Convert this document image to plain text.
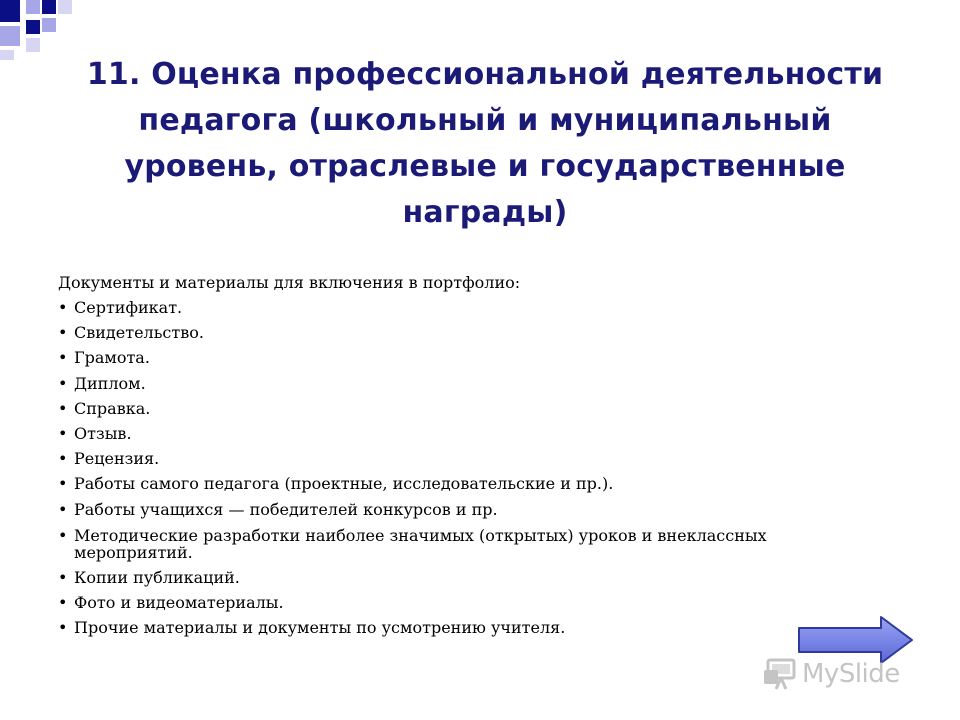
11. Оценка профессиональной деятельности педагога (школьный и муниципальный уровень, отраслевые и государственные награды)

Документы и материалы для включения в портфолио:

• Сертификат.
• Свидетельство.
• Грамота.
• Диплом.
• Справка.
• Отзыв.
• Рецензия.
• Работы самого педагога (проектные, исследовательские и пр.).
• Работы учащихся — победителей конкурсов и пр.
• Методические разработки наиболее значимых (открытых) уроков и внеклассных мероприятий.
• Копии публикаций.
• Фото и видеоматериалы.
• Прочие материалы и документы по усмотрению учителя.
MySlide
